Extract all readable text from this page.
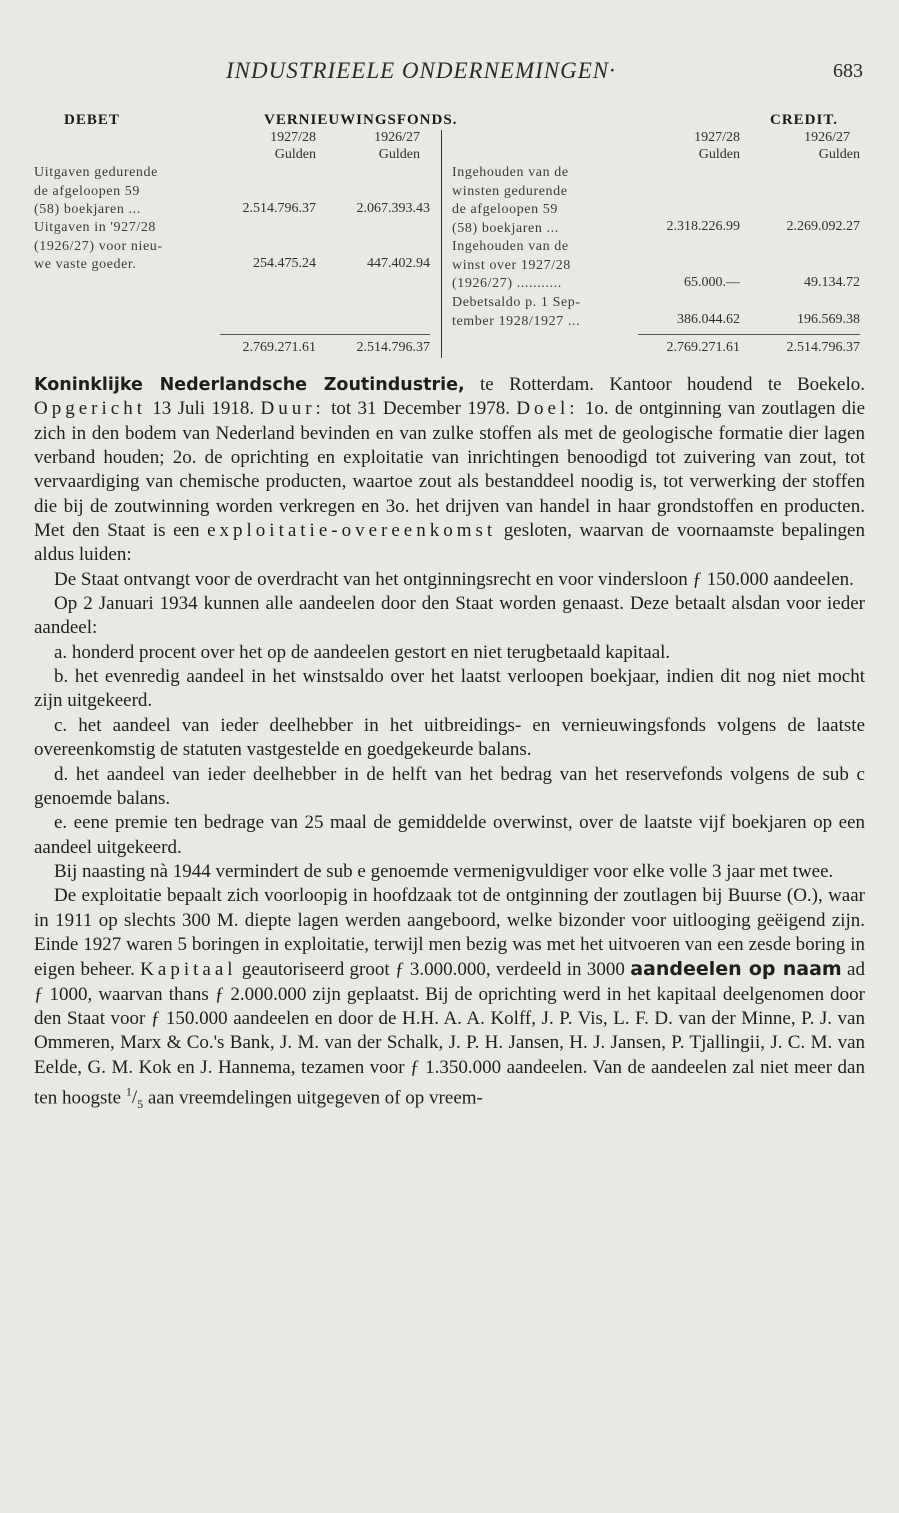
INDUSTRIEELE ONDERNEMINGEN·	683
DEBET	VERNIEUWINGSFONDS.	CREDIT.
1927/28	1926/27
Gulden	Gulden
1927/28	1926/27
Gulden	Gulden
Uitgaven gedurende
de afgeloopen 59
(58) boekjaren ...	2.514.796.37	2.067.393.43
Uitgaven in '927/28
(1926/27) voor nieu-
we vaste goeder.	254.475.24	447.402.94
Ingehouden van de
winsten gedurende
de afgeloopen 59
(58) boekjaren ...	2.318.226.99	2.269.092.27
Ingehouden van de
winst over 1927/28
(1926/27) ...........	65.000.—	49.134.72
Debetsaldo p. 1 Sep-
tember 1928/1927 ...	386.044.62	196.569.38
2.769.271.61	2.514.796.37	2.769.271.61	2.514.796.37

Koninklijke Nederlandsche Zoutindustrie, te Rotterdam. Kantoor houdend te Boekelo. Opgericht 13 Juli 1918. Duur: tot 31 December 1978. Doel: 1o. de ontginning van zoutlagen die zich in den bodem van Nederland bevinden en van zulke stoffen als met de geologische formatie dier lagen verband houden; 2o. de oprichting en exploitatie van inrichtingen benoodigd tot zuivering van zout, tot vervaardiging van chemische producten, waartoe zout als bestanddeel noodig is, tot verwerking der stoffen die bij de zoutwinning worden verkregen en 3o. het drijven van handel in haar grondstoffen en producten. Met den Staat is een exploitatie-overeenkomst gesloten, waarvan de voornaamste bepalingen aldus luiden:

De Staat ontvangt voor de overdracht van het ontginningsrecht en voor vindersloon ƒ 150.000 aandeelen.

Op 2 Januari 1934 kunnen alle aandeelen door den Staat worden genaast. Deze betaalt alsdan voor ieder aandeel:

a. honderd procent over het op de aandeelen gestort en niet terugbetaald kapitaal.

b. het evenredig aandeel in het winstsaldo over het laatst verloopen boekjaar, indien dit nog niet mocht zijn uitgekeerd.

c. het aandeel van ieder deelhebber in het uitbreidings- en vernieuwingsfonds volgens de laatste overeenkomstig de statuten vastgestelde en goedgekeurde balans.

d. het aandeel van ieder deelhebber in de helft van het bedrag van het reservefonds volgens de sub c genoemde balans.

e. eene premie ten bedrage van 25 maal de gemiddelde overwinst, over de laatste vijf boekjaren op een aandeel uitgekeerd.

Bij naasting nà 1944 vermindert de sub e genoemde vermenigvuldiger voor elke volle 3 jaar met twee.

De exploitatie bepaalt zich voorloopig in hoofdzaak tot de ontginning der zoutlagen bij Buurse (O.), waar in 1911 op slechts 300 M. diepte lagen werden aangeboord, welke bizonder voor uitlooging geëigend zijn. Einde 1927 waren 5 boringen in exploitatie, terwijl men bezig was met het uitvoeren van een zesde boring in eigen beheer. Kapitaal geautoriseerd groot ƒ 3.000.000, verdeeld in 3000 aandeelen op naam ad ƒ 1000, waarvan thans ƒ 2.000.000 zijn geplaatst. Bij de oprichting werd in het kapitaal deelgenomen door den Staat voor ƒ 150.000 aandeelen en door de H.H. A. A. Kolff, J. P. Vis, L. F. D. van der Minne, P. J. van Ommeren, Marx & Co.'s Bank, J. M. van der Schalk, J. P. H. Jansen, H. J. Jansen, P. Tjallingii, J. C. M. van Eelde, G. M. Kok en J. Hannema, tezamen voor ƒ 1.350.000 aandeelen. Van de aandeelen zal niet meer dan ten hoogste $^1/_5$ aan vreemdelingen uitgegeven of op vreem-
